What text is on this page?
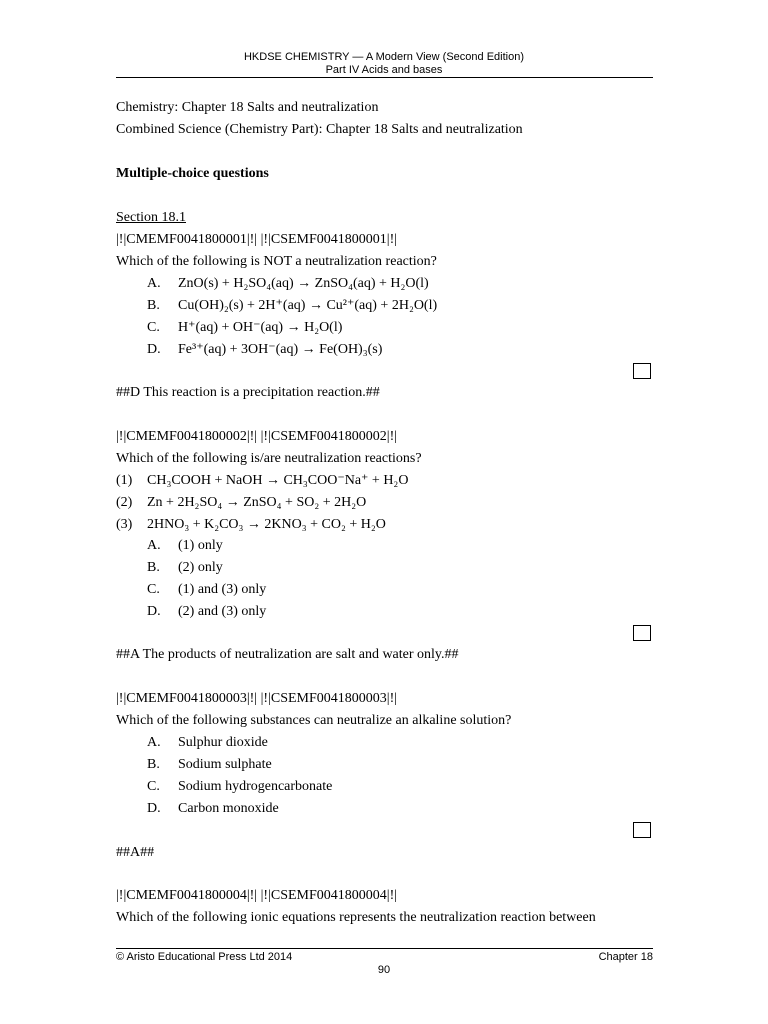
HKDSE CHEMISTRY — A Modern View (Second Edition)
Part IV Acids and bases
Chemistry: Chapter 18 Salts and neutralization
Combined Science (Chemistry Part): Chapter 18 Salts and neutralization
Multiple-choice questions
Section 18.1
|!|CMEMF0041800001|!| |!|CSEMF0041800001|!|
Which of the following is NOT a neutralization reaction?
A. ZnO(s) + H₂SO₄(aq) → ZnSO₄(aq) + H₂O(l)
B. Cu(OH)₂(s) + 2H⁺(aq) → Cu²⁺(aq) + 2H₂O(l)
C. H⁺(aq) + OH⁻(aq) → H₂O(l)
D. Fe³⁺(aq) + 3OH⁻(aq) → Fe(OH)₃(s)
##D This reaction is a precipitation reaction.##
|!|CMEMF0041800002|!| |!|CSEMF0041800002|!|
Which of the following is/are neutralization reactions?
(1) CH₃COOH + NaOH → CH₃COO⁻Na⁺ + H₂O
(2) Zn + 2H₂SO₄ → ZnSO₄ + SO₂ + 2H₂O
(3) 2HNO₃ + K₂CO₃ → 2KNO₃ + CO₂ + H₂O
A. (1) only
B. (2) only
C. (1) and (3) only
D. (2) and (3) only
##A The products of neutralization are salt and water only.##
|!|CMEMF0041800003|!| |!|CSEMF0041800003|!|
Which of the following substances can neutralize an alkaline solution?
A. Sulphur dioxide
B. Sodium sulphate
C. Sodium hydrogencarbonate
D. Carbon monoxide
##A##
|!|CMEMF0041800004|!| |!|CSEMF0041800004|!|
Which of the following ionic equations represents the neutralization reaction between
© Aristo Educational Press Ltd 2014	Chapter 18
90
